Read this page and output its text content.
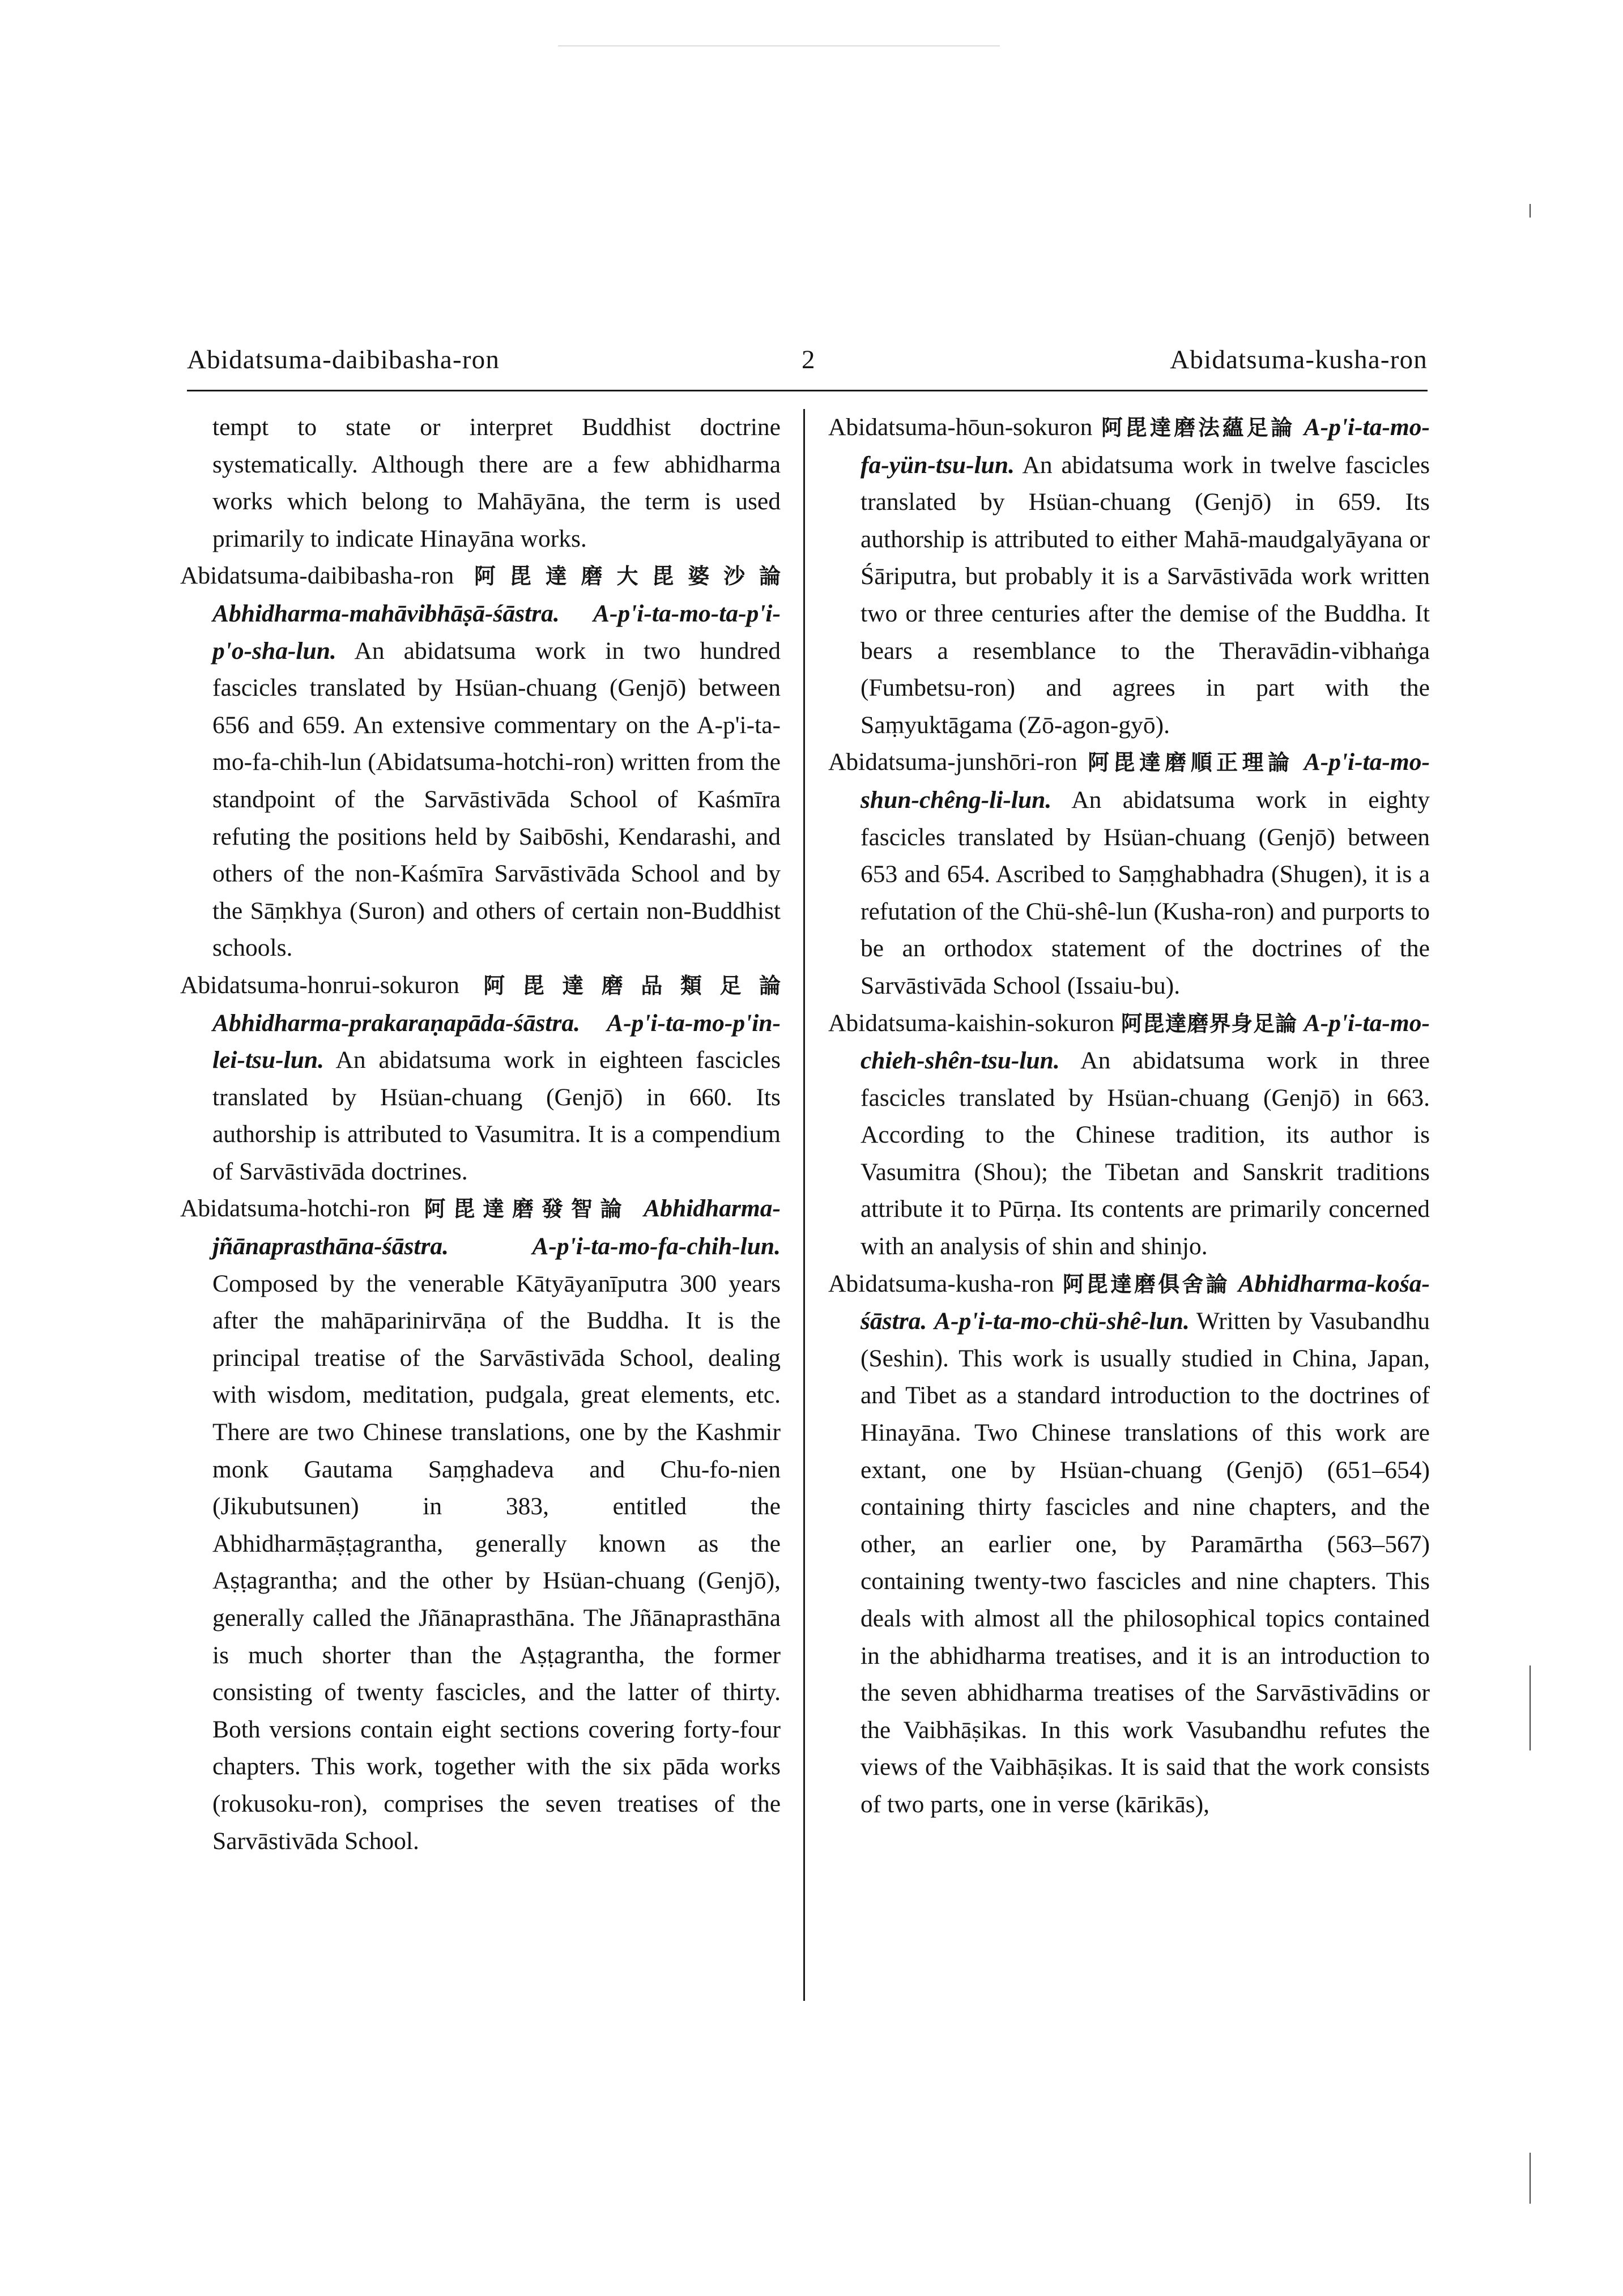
Abidatsuma-daibibasha-ron	2	Abidatsuma-kusha-ron
tempt to state or interpret Buddhist doctrine systematically. Although there are a few abhidharma works which belong to Mahāyāna, the term is used primarily to indicate Hinayāna works.
Abidatsuma-daibibasha-ron 阿毘達磨大毘婆沙論 Abhidharma-mahāvibhāṣā-śāstra. A-p'i-ta-mo-ta-p'i-p'o-sha-lun. An abidatsuma work in two hundred fascicles translated by Hsüan-chuang (Genjō) between 656 and 659. An extensive commentary on the A-p'i-ta-mo-fa-chih-lun (Abidatsuma-hotchi-ron) written from the standpoint of the Sarvāstivāda School of Kaśmīra refuting the positions held by Saibōshi, Kendarashi, and others of the non-Kaśmīra Sarvāstivāda School and by the Sāṃkhya (Suron) and others of certain non-Buddhist schools.
Abidatsuma-honrui-sokuron 阿毘達磨品類足論 Abhidharma-prakaraṇapāda-śāstra. A-p'i-ta-mo-p'in-lei-tsu-lun. An abidatsuma work in eighteen fascicles translated by Hsüan-chuang (Genjō) in 660. Its authorship is attributed to Vasumitra. It is a compendium of Sarvāstivāda doctrines.
Abidatsuma-hotchi-ron 阿毘達磨發智論 Abhidharma-jñānaprasthāna-śāstra.	A-p'i-ta-mo-fa-chih-lun. Composed by the venerable Kātyāyanīputra 300 years after the mahāparinirvāṇa of the Buddha. It is the principal treatise of the Sarvāstivāda School, dealing with wisdom, meditation, pudgala, great elements, etc. There are two Chinese translations, one by the Kashmir monk Gautama Saṃghadeva and Chu-fo-nien (Jikubutsunen) in 383, entitled the Abhidharmāṣṭagrantha, generally known as the Aṣṭagrantha; and the other by Hsüan-chuang (Genjō), generally called the Jñānaprasthāna. The Jñānaprasthāna is much shorter than the Aṣṭagrantha, the former consisting of twenty fascicles, and the latter of thirty. Both versions contain eight sections covering forty-four chapters. This work, together with the six pāda works (rokusoku-ron), comprises the seven treatises of the Sarvāstivāda School.
Abidatsuma-hōun-sokuron 阿毘達磨法蘊足論 A-p'i-ta-mo-fa-yün-tsu-lun. An abidatsuma work in twelve fascicles translated by Hsüan-chuang (Genjō) in 659. Its authorship is attributed to either Mahā-maudgalyāyana or Śāriputra, but probably it is a Sarvāstivāda work written two or three centuries after the demise of the Buddha. It bears a resemblance to the Theravādin-vibhaṅga (Fumbetsu-ron) and agrees in part with the Saṃyuktāgama (Zō-agon-gyō).
Abidatsuma-junshōri-ron 阿毘達磨順正理論 A-p'i-ta-mo-shun-chêng-li-lun. An abidatsuma work in eighty fascicles translated by Hsüan-chuang (Genjō) between 653 and 654. Ascribed to Saṃghabhadra (Shugen), it is a refutation of the Chü-shê-lun (Kusha-ron) and purports to be an orthodox statement of the doctrines of the Sarvāstivāda School (Issaiu-bu).
Abidatsuma-kaishin-sokuron 阿毘達磨界身足論 A-p'i-ta-mo-chieh-shên-tsu-lun. An abidatsuma work in three fascicles translated by Hsüan-chuang (Genjō) in 663. According to the Chinese tradition, its author is Vasumitra (Shou); the Tibetan and Sanskrit traditions attribute it to Pūrṇa. Its contents are primarily concerned with an analysis of shin and shinjo.
Abidatsuma-kusha-ron 阿毘達磨俱舍論 Abhidharma-kośa-śāstra. A-p'i-ta-mo-chü-shê-lun. Written by Vasubandhu (Seshin). This work is usually studied in China, Japan, and Tibet as a standard introduction to the doctrines of Hinayāna. Two Chinese translations of this work are extant, one by Hsüan-chuang (Genjō) (651–654) containing thirty fascicles and nine chapters, and the other, an earlier one, by Paramārtha (563–567) containing twenty-two fascicles and nine chapters. This deals with almost all the philosophical topics contained in the abhidharma treatises, and it is an introduction to the seven abhidharma treatises of the Sarvāstivādins or the Vaibhāṣikas. In this work Vasubandhu refutes the views of the Vaibhāṣikas. It is said that the work consists of two parts, one in verse (kārikās),
